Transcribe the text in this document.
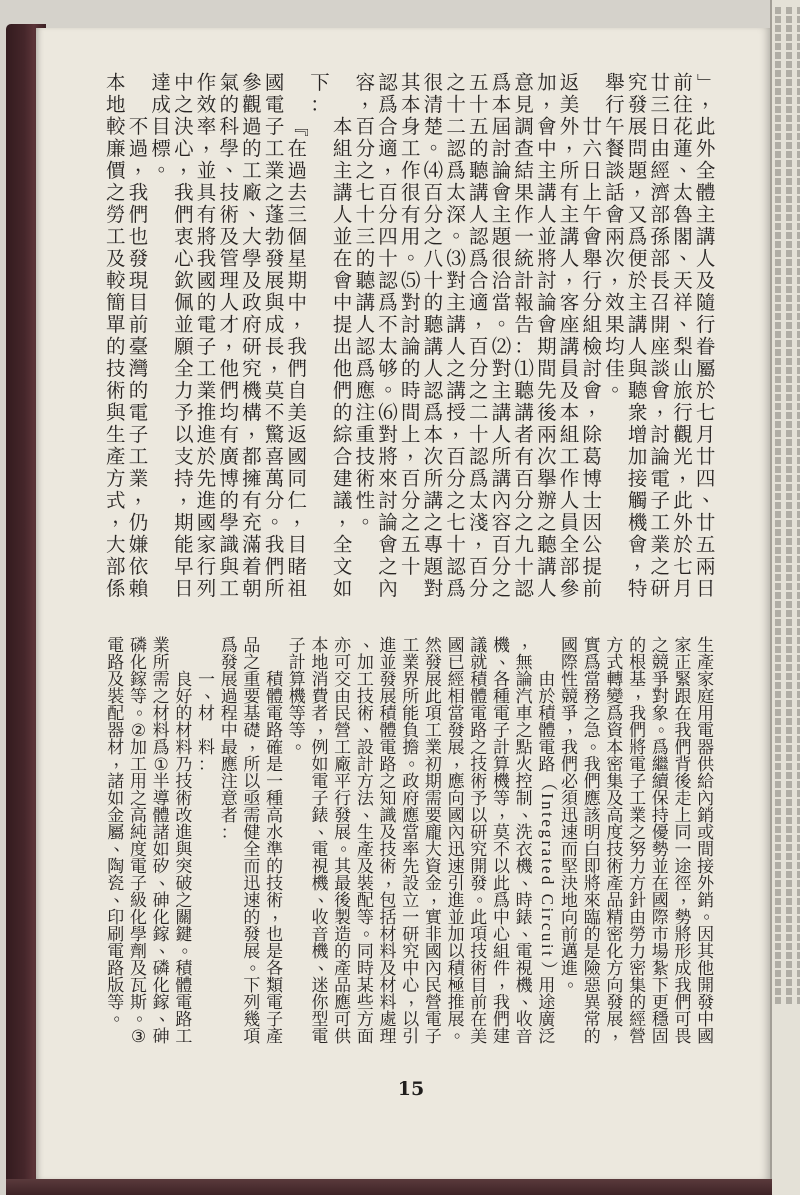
」
，
此
外
全
體
主
講
人
及
隨
行
眷
屬
於
七
月
廿
四
、
廿
五
兩
日
前
往
花
蓮
、
太
魯
閣
、
天
祥
、
梨
山
旅
行
觀
光
，
此
外
於
七
月
廿
三
日
由
經
濟
部
孫
部
長
召
開
座
談
會
，
討
論
電
子
工
業
之
研
究
發
展
問
題
，
又
爲
便
於
主
講
人
與
聽
衆
增
加
接
觸
機
會
，
特
舉
行
午
餐
談
話
會
兩
次
，
效
果
均
佳
。

廿
六
日
上
午
會
舉
行
分
組
檢
討
會
，
除
葛
博
士
因
公
提
前
返
美
外
，
所
有
主
講
人
，
客
座
講
員
及
本
組
工
作
人
員
全
部
參
加
，
會
中
主
講
人
並
將
討
論
會
期
間
先
後
兩
次
擧
辦
之
聽
講
人
意
見
調
查
結
果
作
一
統
計
報
告
：
⑴
聽
講
者
有
百
分
之
九
十
認
爲
本
屆
討
論
會
主
題
很
洽
當
。
⑵
對
主
講
人
所
講
內
容
百
分
之
五
十
五
的
聽
講
人
認
爲
合
適
，
百
分
之
二
十
認
爲
太
淺
，
百
分
之
十
二
認
爲
太
深
。
⑶
對
主
講
人
之
講
授
，
百
分
之
七
十
認
爲
很
清
楚
。
⑷
百
分
之
八
十
的
聽
講
人
認
爲
本
次
所
講
之
專
題
對
其
本
身
工
作
很
有
用
。
⑸
對
討
論
的
時
間
上
，
百
分
之
五
十
認
爲
合
適
，
百
分
四
十
認
爲
不
太
够
。
⑹
對
將
來
討
論
會
之
內
容
，
百
分
之
七
十
三
的
聽
講
人
認
爲
應
注
重
技
術
性
。

本
組
主
講
人
並
在
會
中
提
出
他
們
的
綜
合
建
議
，
全
文
如
下
：

『
在
過
去
三
個
星
期
中
，
我
們
自
美
返
國
同
仁
，
目
睹
祖
國
電
子
工
業
之
蓬
勃
發
展
與
成
長
，
莫
不
驚
喜
萬
分
。
我
們
所
參
觀
過
的
工
廠
、
大
學
及
政
府
研
究
機
構
，
都
擁
有
充
滿
着
朝
氣
的
科
學
、
技
術
及
管
理
人
才
，
他
們
均
有
廣
博
的
學
識
與
工
作
效
率
，
並
具
有
將
我
國
的
電
子
工
業
推
進
於
先
進
國
家
行
列
中
之
決
心
，
我
們
衷
心
欽
佩
並
願
全
力
予
以
支
持
，
期
能
早
日
達
成
目
標
。

不
過
，
我
們
也
發
現
目
前
臺
灣
的
電
子
工
業
，
仍
嫌
依
賴
本
地
較
廉
價
之
勞
工
及
較
簡
單
的
技
術
與
生
產
方
式
，
大
部
係
生
產
家
庭
用
電
器
供
給
內
銷
或
間
接
外
銷
。
因
其
他
開
發
中
國
家
正
緊
跟
在
我
們
背
後
走
上
同
一
途
徑
，
勢
將
形
成
我
們
可
畏
之
競
爭
對
象
。
爲
繼
續
保
持
優
勢
並
在
國
際
市
場
紮
下
更
穩
固
的
根
基
，
我
們
將
電
子
工
業
之
努
力
方
針
由
勞
力
密
集
的
經
營
方
式
轉
變
爲
資
本
密
集
及
高
度
技
術
產
品
精
密
化
方
向
發
展
，
實
爲
當
務
之
急
。
我
們
應
該
明
白
即
將
來
臨
的
是
險
惡
異
常
的
國
際
性
競
爭
，
我
們
必
須
迅
速
而
堅
決
地
向
前
邁
進
。

由
於
積
體
電
路
（
Integrated Circuit
）
用
途
廣
泛
，
無
論
汽
車
之
點
火
控
制
、
洗
衣
機
、
時
錶
、
電
視
機
、
收
音
機
、
各
種
電
子
計
算
機
等
，
莫
不
以
此
爲
中
心
組
件
，
我
們
建
議
就
積
體
電
路
之
技
術
予
以
研
究
開
發
。
此
項
技
術
目
前
在
美
國
已
經
相
當
發
展
，
應
向
國
內
迅
速
引
進
並
加
以
積
極
推
展
。
然
發
展
此
項
工
業
初
期
需
要
龐
大
資
金
，
實
非
國
內
民
營
電
子
工
業
界
所
能
負
擔
。
政
府
應
當
率
先
設
立
一
研
究
中
心
，
以
引
進
並
發
展
積
體
電
路
之
知
識
及
技
術
，
包
括
材
料
及
材
料
處
理
、
加
工
技
術
、
設
計
方
法
、
生
產
及
裝
配
等
。
同
時
某
些
方
面
亦
可
交
由
民
營
工
廠
平
行
發
展
。
其
最
後
製
造
的
產
品
應
可
供
本
地
消
費
者
，
例
如
電
子
錶
、
電
視
機
、
收
音
機
、
迷
你
型
電
子
計
算
機
等
等
。

積
體
電
路
確
是
一
種
高
水
準
的
技
術
，
也
是
各
類
電
子
產
品
之
重
要
基
礎
，
所
以
亟
需
健
全
而
迅
速
的
發
展
。
下
列
幾
項
爲
發
展
過
程
中
最
應
注
意
者
：

一
、
材

料
：

良
好
的
材
料
乃
技
術
改
進
與
突
破
之
關
鍵
。
積
體
電
路
工
業
所
需
之
材
料
爲
①
半
導
體
諸
如
矽
、
砷
化
鎵
、
磷
化
鎵
、
砷
磷
化
鎵
等
。
②
加
工
用
之
高
純
度
電
子
級
化
學
劑
及
瓦
斯
。
③
電
路
及
裝
配
器
材
，
諸
如
金
屬
、
陶
瓷
、
印
刷
電
路
版
等
。
15
